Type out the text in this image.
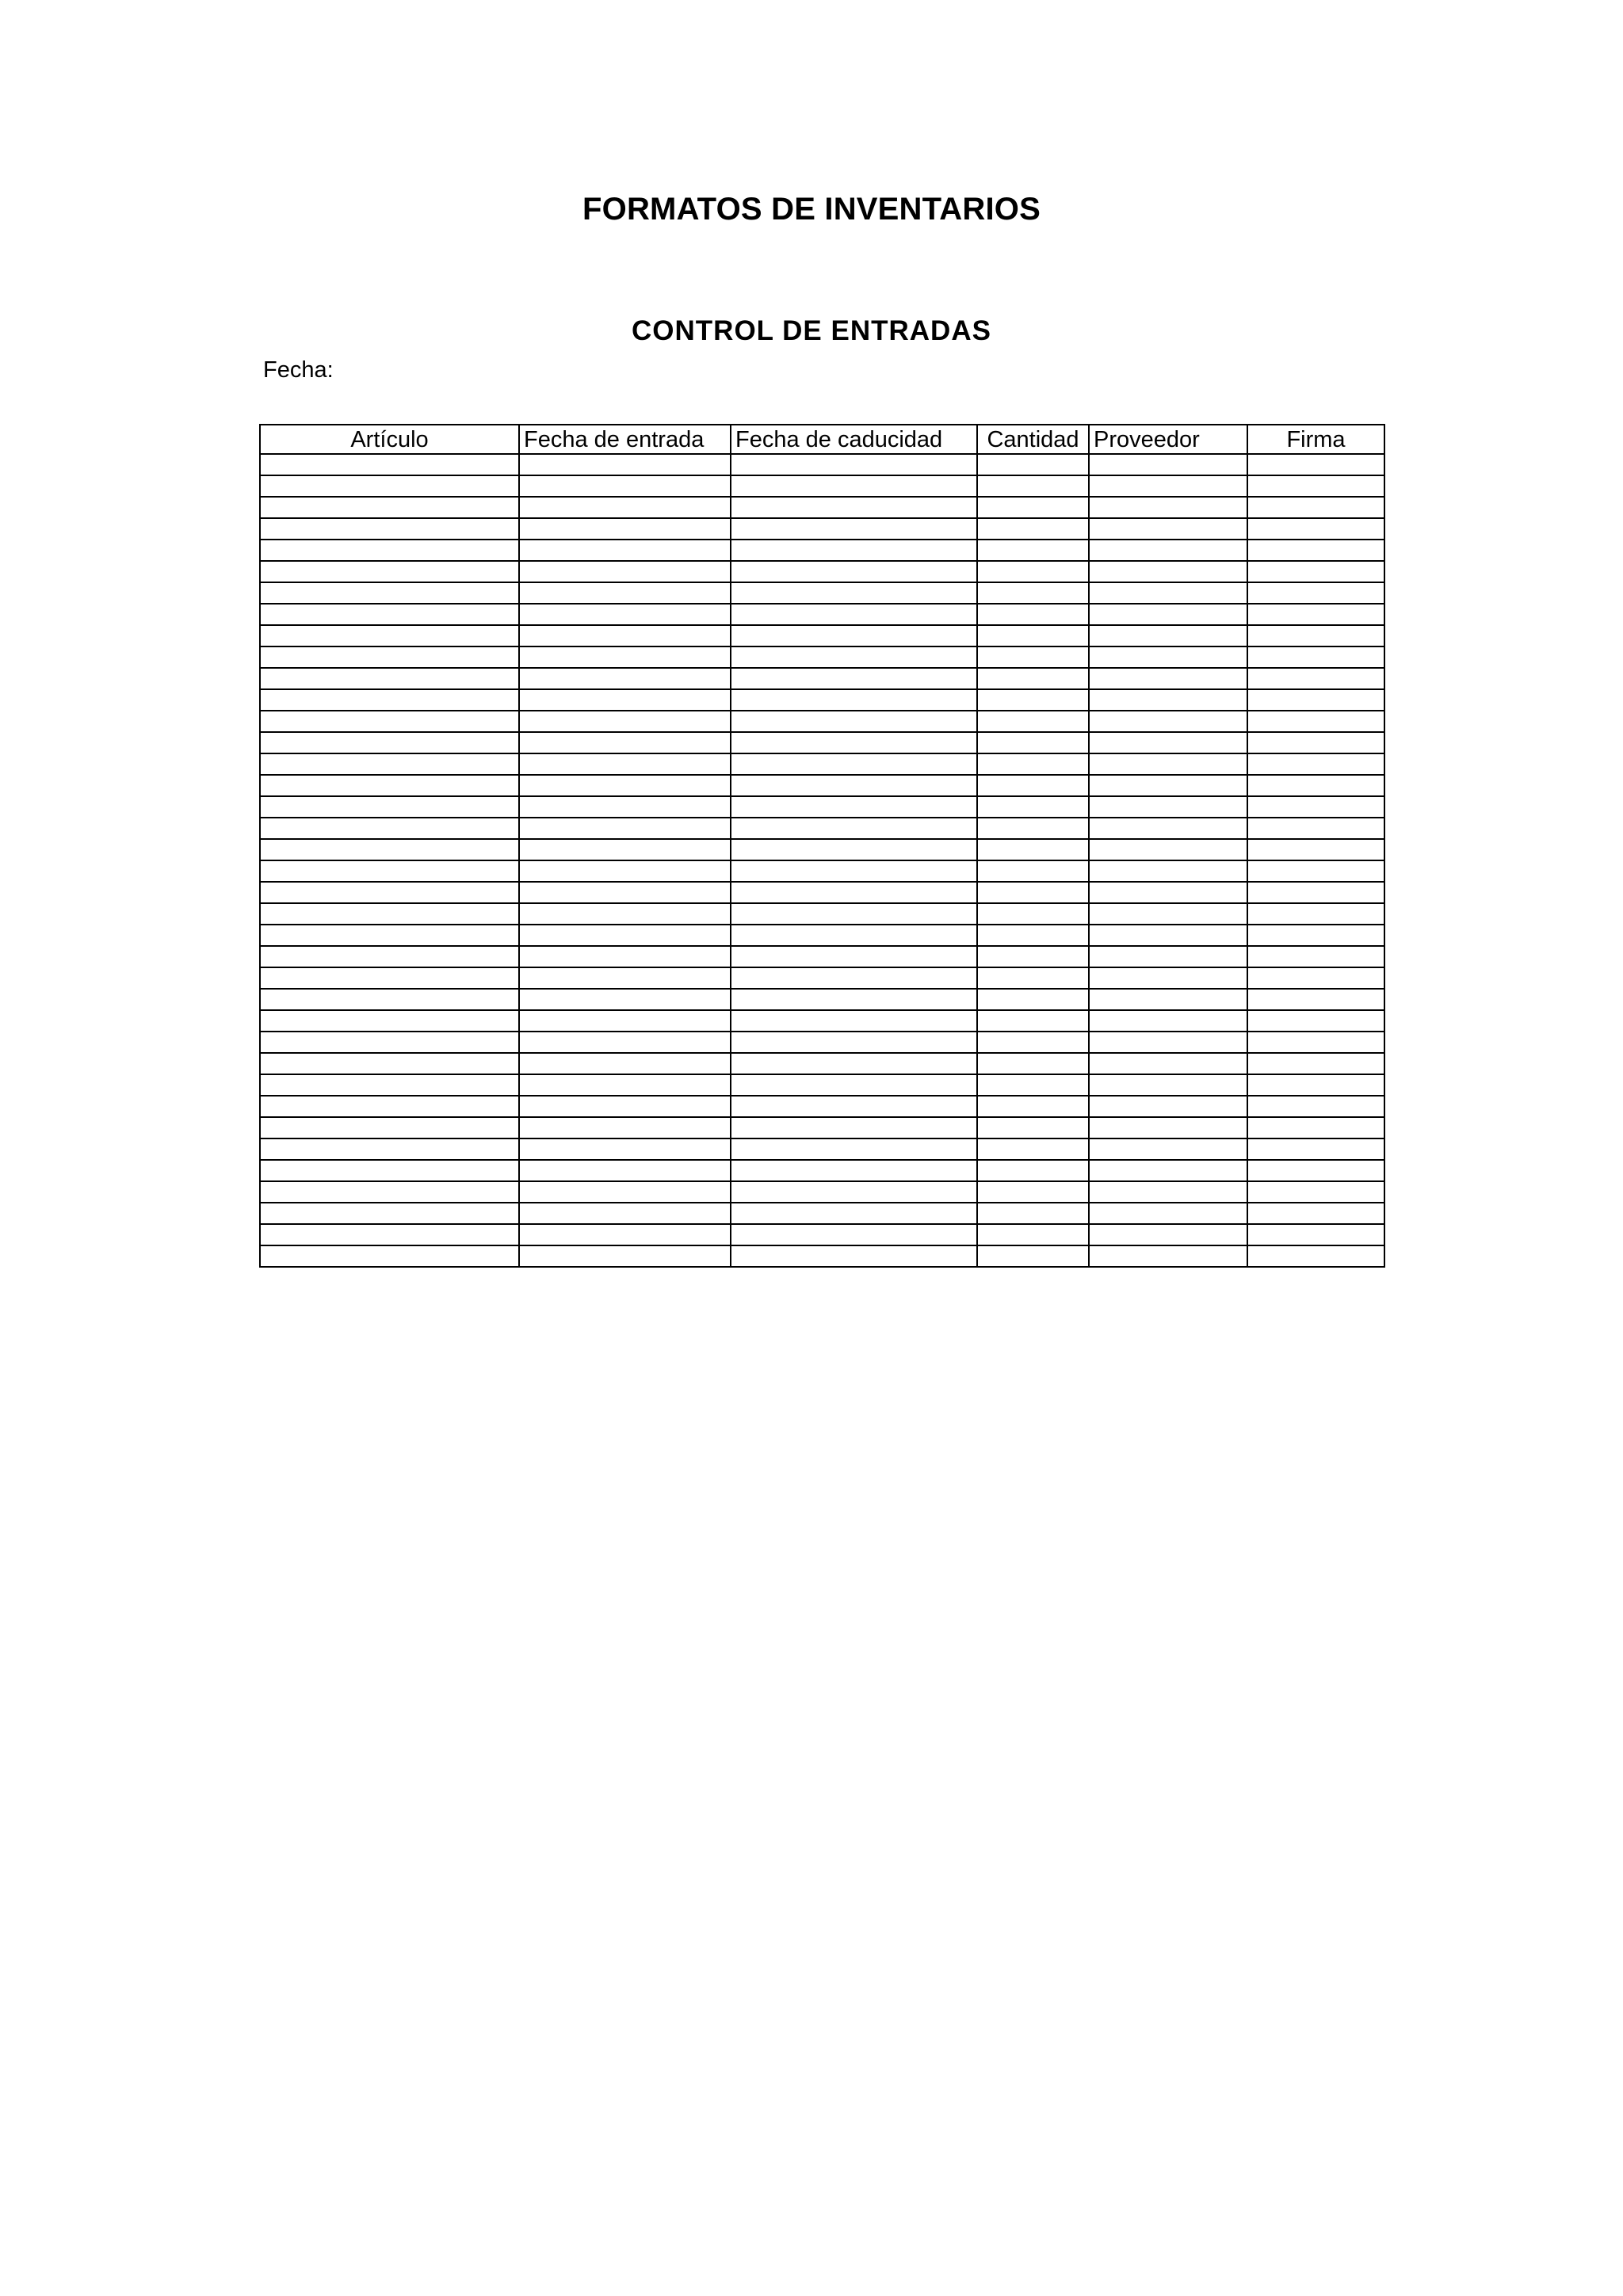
FORMATOS DE INVENTARIOS
CONTROL DE ENTRADAS
Fecha:
Artículo	Fecha de entrada	Fecha de caducidad	Cantidad	Proveedor	Firma
